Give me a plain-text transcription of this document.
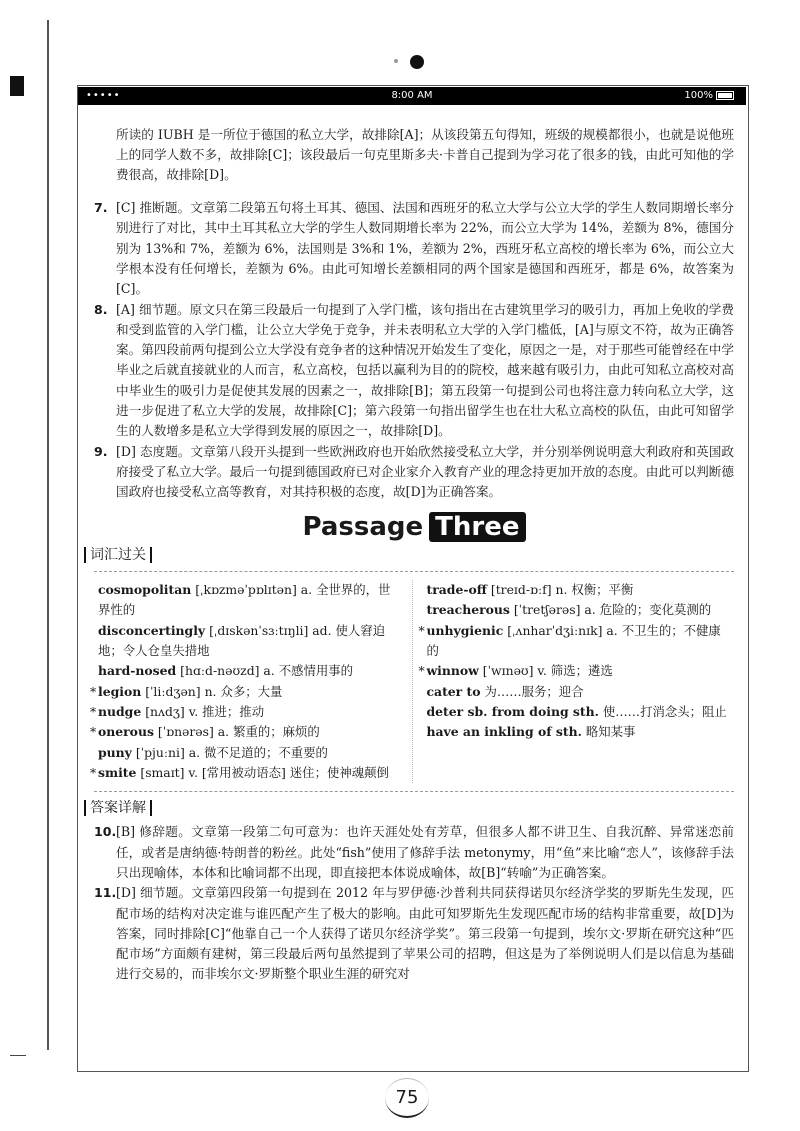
•••••	8:00 AM	100%

所读的 IUBH 是一所位于德国的私立大学，故排除[A]；从该段第五句得知，班级的规模都很小，也就是说他班上的同学人数不多，故排除[C]；该段最后一句克里斯多夫·卡普自己提到为学习花了很多的钱，由此可知他的学费很高，故排除[D]。

7. [C] 推断题。文章第二段第五句将土耳其、德国、法国和西班牙的私立大学与公立大学的学生人数同期增长率分别进行了对比，其中土耳其私立大学的学生人数同期增长率为 22%，而公立大学为 14%，差额为 8%，德国分别为 13%和 7%，差额为 6%，法国则是 3%和 1%，差额为 2%，西班牙私立高校的增长率为 6%，而公立大学根本没有任何增长，差额为 6%。由此可知增长差额相同的两个国家是德国和西班牙，都是 6%，故答案为[C]。

8. [A] 细节题。原文只在第三段最后一句提到了入学门槛，该句指出在古建筑里学习的吸引力，再加上免收的学费和受到监管的入学门槛，让公立大学免于竞争，并未表明私立大学的入学门槛低，[A]与原文不符，故为正确答案。第四段前两句提到公立大学没有竞争者的这种情况开始发生了变化，原因之一是，对于那些可能曾经在中学毕业之后就直接就业的人而言，私立高校，包括以赢利为目的的院校，越来越有吸引力，由此可知私立高校对高中毕业生的吸引力是促使其发展的因素之一，故排除[B]；第五段第一句提到公司也将注意力转向私立大学，这进一步促进了私立大学的发展，故排除[C]；第六段第一句指出留学生也在壮大私立高校的队伍，由此可知留学生的人数增多是私立大学得到发展的原因之一，故排除[D]。

9. [D] 态度题。文章第八段开头提到一些欧洲政府也开始欣然接受私立大学，并分别举例说明意大利政府和英国政府接受了私立大学。最后一句提到德国政府已对企业家介入教育产业的理念持更加开放的态度。由此可以判断德国政府也接受私立高等教育，对其持积极的态度，故[D]为正确答案。

Passage Three
词汇过关
cosmopolitan [ˌkɒzməˈpɒlɪtən] a. 全世界的，世界性的
disconcertingly [ˌdɪskənˈsɜːtɪŋli] ad. 使人窘迫地；令人仓皇失措地
hard-nosed [hɑːd-nəʊzd] a. 不感情用事的
* legion [ˈliːdʒən] n. 众多；大量
* nudge [nʌdʒ] v. 推进；推动
* onerous [ˈɒnərəs] a. 繁重的；麻烦的
puny [ˈpjuːni] a. 微不足道的；不重要的
* smite [smaɪt] v. [常用被动语态] 迷住；使神魂颠倒
trade-off [treɪd-ɒːf] n. 权衡；平衡
treacherous [ˈtretʃərəs] a. 危险的；变化莫测的
* unhygienic [ˌʌnharˈdʒiːnɪk] a. 不卫生的；不健康的
* winnow [ˈwɪnəʊ] v. 筛选；遴选
cater to 为……服务；迎合
deter sb. from doing sth. 使……打消念头；阻止
have an inkling of sth. 略知某事
答案详解

10. [B] 修辞题。文章第一段第二句可意为：也许天涯处处有芳草，但很多人都不讲卫生、自我沉醉、异常迷恋前任，或者是唐纳德·特朗普的粉丝。此处“fish”使用了修辞手法 metonymy，用“鱼”来比喻“恋人”，该修辞手法只出现喻体，本体和比喻词都不出现，即直接把本体说成喻体，故[B]“转喻”为正确答案。

11. [D] 细节题。文章第四段第一句提到在 2012 年与罗伊德·沙普利共同获得诺贝尔经济学奖的罗斯先生发现，匹配市场的结构对决定谁与谁匹配产生了极大的影响。由此可知罗斯先生发现匹配市场的结构非常重要，故[D]为答案，同时排除[C]“他靠自己一个人获得了诺贝尔经济学奖”。第三段第一句提到，埃尔文·罗斯在研究这种“匹配市场”方面颇有建树，第三段最后两句虽然提到了苹果公司的招聘，但这是为了举例说明人们是以信息为基础进行交易的，而非埃尔文·罗斯整个职业生涯的研究对

75
